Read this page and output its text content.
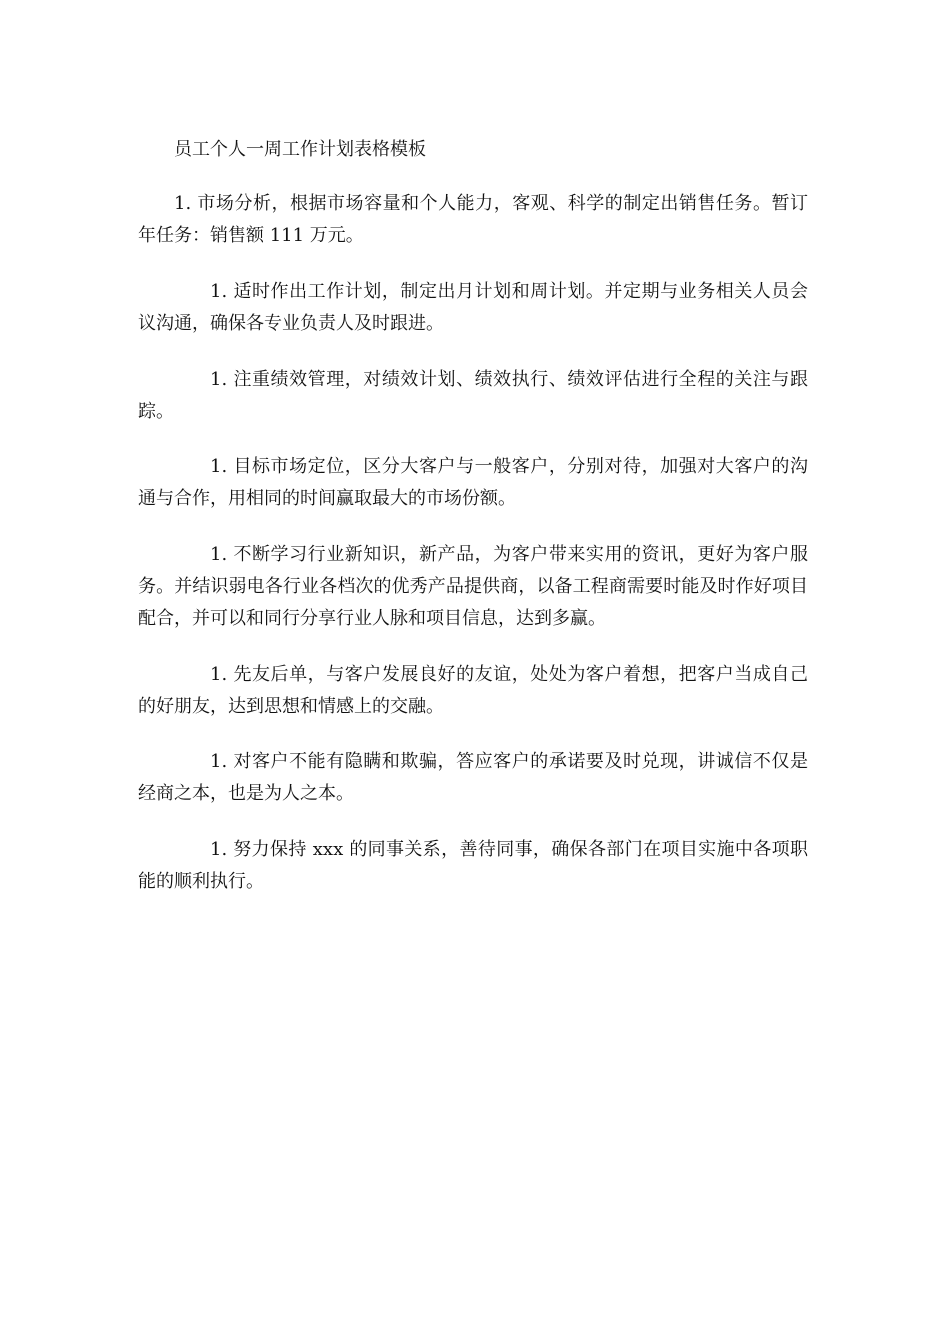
员工个人一周工作计划表格模板

1. 市场分析，根据市场容量和个人能力，客观、科学的制定出销售任务。暂订年任务：销售额 111 万元。

1. 适时作出工作计划，制定出月计划和周计划。并定期与业务相关人员会议沟通，确保各专业负责人及时跟进。

1. 注重绩效管理，对绩效计划、绩效执行、绩效评估进行全程的关注与跟踪。

1. 目标市场定位，区分大客户与一般客户，分别对待，加强对大客户的沟通与合作，用相同的时间赢取最大的市场份额。

1. 不断学习行业新知识，新产品，为客户带来实用的资讯，更好为客户服务。并结识弱电各行业各档次的优秀产品提供商，以备工程商需要时能及时作好项目配合，并可以和同行分享行业人脉和项目信息，达到多赢。

1. 先友后单，与客户发展良好的友谊，处处为客户着想，把客户当成自己的好朋友，达到思想和情感上的交融。

1. 对客户不能有隐瞒和欺骗，答应客户的承诺要及时兑现，讲诚信不仅是经商之本，也是为人之本。

1. 努力保持 xxx 的同事关系，善待同事，确保各部门在项目实施中各项职能的顺利执行。
